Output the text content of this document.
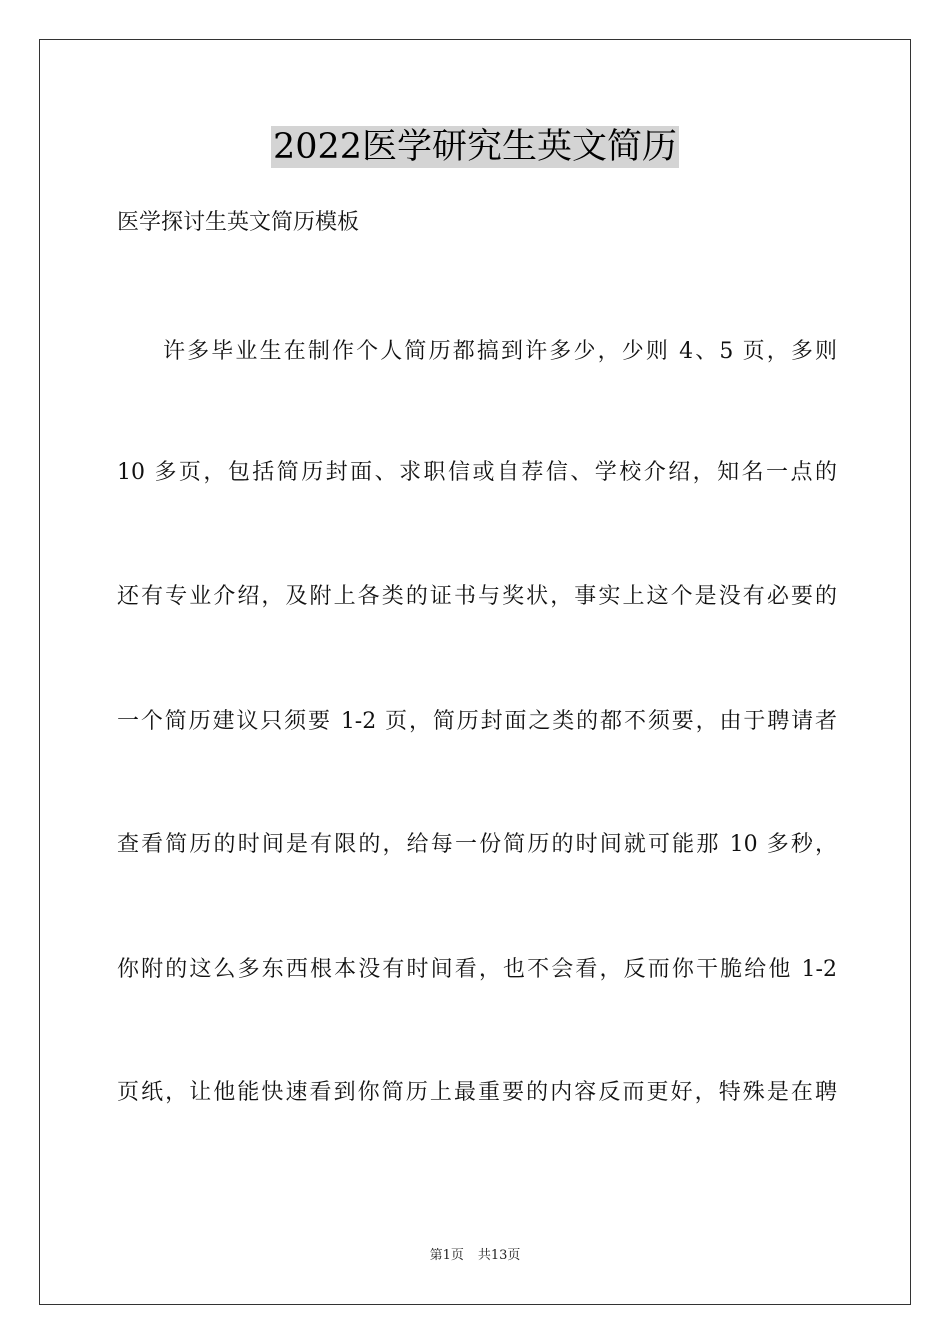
2022医学研究生英文简历
医学探讨生英文简历模板
许多毕业生在制作个人简历都搞到许多少，少则 4、5 页，多则
10 多页，包括简历封面、求职信或自荐信、学校介绍，知名一点的
还有专业介绍，及附上各类的证书与奖状，事实上这个是没有必要的
一个简历建议只须要 1-2 页，简历封面之类的都不须要，由于聘请者
查看简历的时间是有限的，给每一份简历的时间就可能那 10 多秒，
你附的这么多东西根本没有时间看，也不会看，反而你干脆给他 1-2
页纸，让他能快速看到你简历上最重要的内容反而更好，特殊是在聘
第1页 共13页
